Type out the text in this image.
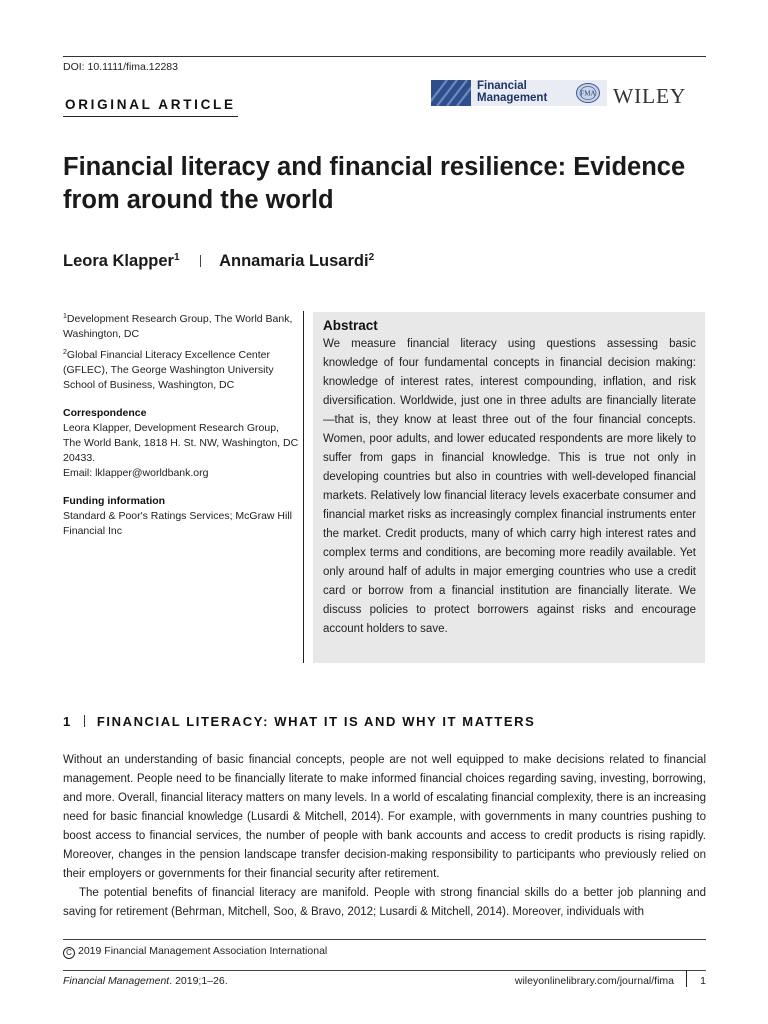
DOI: 10.1111/fima.12283
ORIGINAL ARTICLE
Financial
Management	FMA WILEY
Financial literacy and financial resilience: Evidence from around the world
Leora Klapper$^1$ Annamaria Lusardi$^2$
$^1$Development Research Group, The World Bank, Washington, DC
$^2$Global Financial Literacy Excellence Center (GFLEC), The George Washington University School of Business, Washington, DC
Correspondence
Leora Klapper, Development Research Group,
The World Bank, 1818 H. St. NW, Washington, DC
20433.
Email: lklapper@worldbank.org
Funding information
Standard & Poor's Ratings Services; McGraw Hill Financial Inc
Abstract

We measure financial literacy using questions assessing basic knowledge of four fundamental concepts in financial decision making: knowledge of interest rates, interest compounding, inflation, and risk diversification. Worldwide, just one in three adults are financially literate—that is, they know at least three out of the four financial concepts. Women, poor adults, and lower educated respondents are more likely to suffer from gaps in financial knowledge. This is true not only in developing countries but also in countries with well-developed financial markets. Relatively low financial literacy levels exacerbate consumer and financial market risks as increasingly complex financial instruments enter the market. Credit products, many of which carry high interest rates and complex terms and conditions, are becoming more readily available. Yet only around half of adults in major emerging countries who use a credit card or borrow from a financial institution are financially literate. We discuss policies to protect borrowers against risks and encourage account holders to save.

1 FINANCIAL LITERACY: WHAT IT IS AND WHY IT MATTERS

Without an understanding of basic financial concepts, people are not well equipped to make decisions related to financial management. People need to be financially literate to make informed financial choices regarding saving, investing, borrowing, and more. Overall, financial literacy matters on many levels. In a world of escalating financial complexity, there is an increasing need for basic financial knowledge (Lusardi & Mitchell, 2014). For example, with governments in many countries pushing to boost access to financial services, the number of people with bank accounts and access to credit products is rising rapidly. Moreover, changes in the pension landscape transfer decision-making responsibility to participants who previously relied on their employers or governments for their financial security after retirement.

The potential benefits of financial literacy are manifold. People with strong financial skills do a better job planning and saving for retirement (Behrman, Mitchell, Soo, & Bravo, 2012; Lusardi & Mitchell, 2014). Moreover, individuals with

C 2019 Financial Management Association International
Financial Management. 2019;1–26.	wileyonlinelibrary.com/journal/fima 1
